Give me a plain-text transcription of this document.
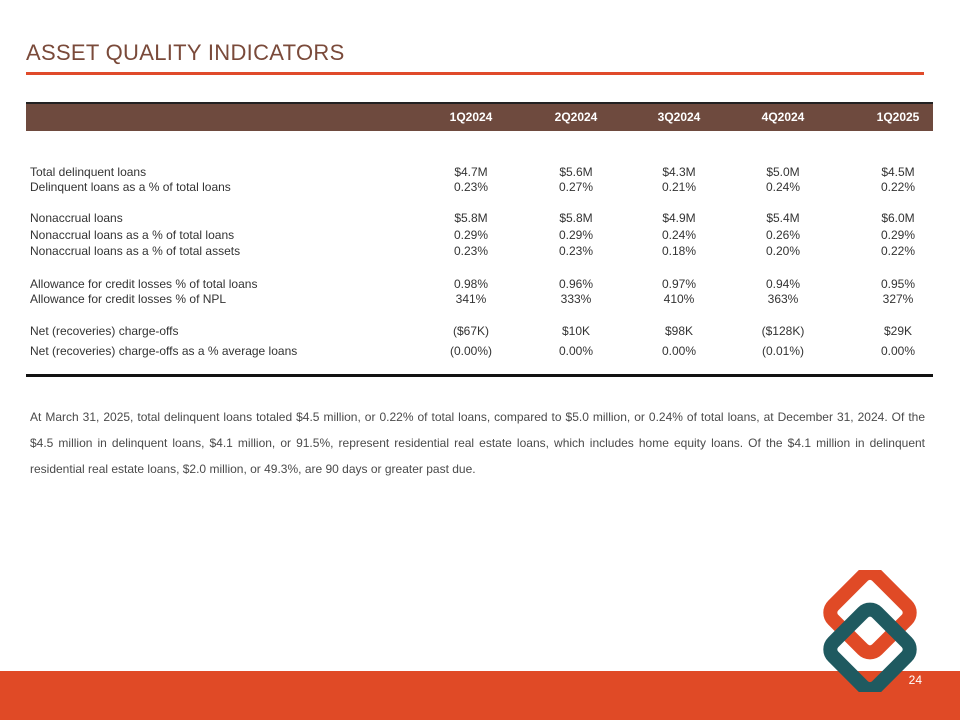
ASSET QUALITY INDICATORS
1Q2024	2Q2024	3Q2024	4Q2024	1Q2025
Total delinquent loans	$4.7M	$5.6M	$4.3M	$5.0M	$4.5M
Delinquent loans as a % of total loans	0.23%	0.27%	0.21%	0.24%	0.22%
Nonaccrual loans	$5.8M	$5.8M	$4.9M	$5.4M	$6.0M
Nonaccrual loans as a % of total loans	0.29%	0.29%	0.24%	0.26%	0.29%
Nonaccrual loans as a % of total assets	0.23%	0.23%	0.18%	0.20%	0.22%
Allowance for credit losses % of total loans	0.98%	0.96%	0.97%	0.94%	0.95%
Allowance for credit losses % of NPL	341%	333%	410%	363%	327%
Net (recoveries) charge-offs	($67K)	$10K	$98K	($128K)	$29K
Net (recoveries) charge-offs as a % average loans	(0.00%)	0.00%	0.00%	(0.01%)	0.00%
At March 31, 2025, total delinquent loans totaled $4.5 million, or 0.22% of total loans, compared to $5.0 million, or 0.24% of total loans, at December 31, 2024. Of the $4.5 million in delinquent loans, $4.1 million, or 91.5%, represent residential real estate loans, which includes home equity loans. Of the $4.1 million in delinquent residential real estate loans, $2.0 million, or 49.3%, are 90 days or greater past due.
24
